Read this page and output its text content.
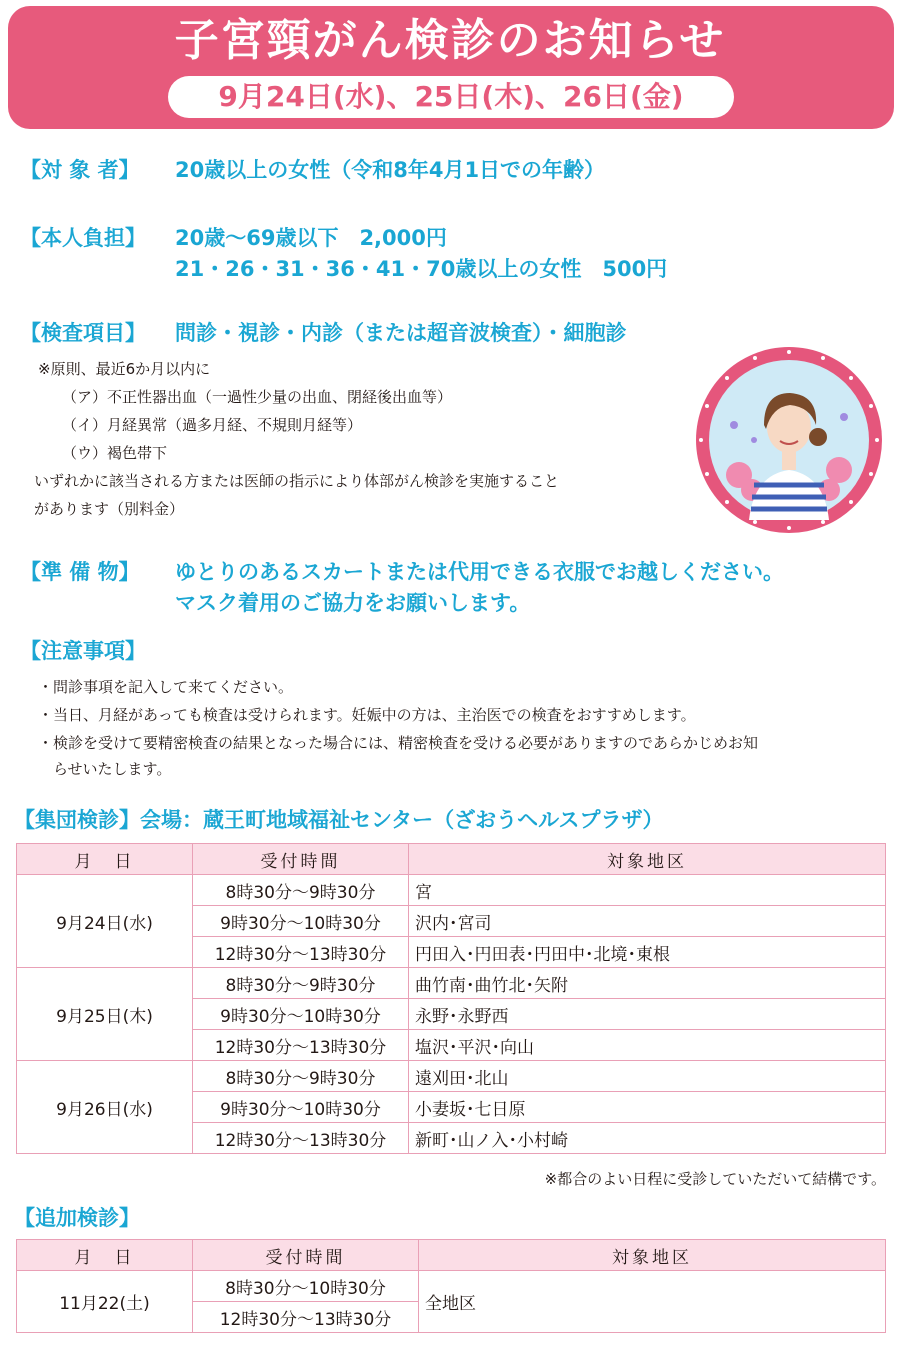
子宮頸がん検診のお知らせ
9月24日(水)、25日(木)、26日(金)
【対 象 者】 20歳以上の女性（令和8年4月1日での年齢）
【本人負担】 20歳～69歳以下　2,000円
21・26・31・36・41・70歳以上の女性　500円
【検査項目】 問診・視診・内診（または超音波検査）・細胞診
※原則、最近6か月以内に
（ア）不正性器出血（一過性少量の出血、閉経後出血等）
（イ）月経異常（過多月経、不規則月経等）
（ウ）褐色帯下
いずれかに該当される方または医師の指示により体部がん検診を実施すること
があります（別料金）
【準 備 物】 ゆとりのあるスカートまたは代用できる衣服でお越しください。
マスク着用のご協力をお願いします。
【注意事項】
・問診事項を記入して来てください。
・当日、月経があっても検査は受けられます。妊娠中の方は、主治医での検査をおすすめします。
・検診を受けて要精密検査の結果となった場合には、精密検査を受ける必要がありますのであらかじめお知
　らせいたします。
【集団検診】会場：蔵王町地域福祉センター（ざおうヘルスプラザ）
月　日	受付時間	対象地区
9月24日(水)	8時30分～9時30分	宮
	9時30分～10時30分	沢内･宮司
	12時30分～13時30分	円田入･円田表･円田中･北境･東根
9月25日(木)	8時30分～9時30分	曲竹南･曲竹北･矢附
	9時30分～10時30分	永野･永野西
	12時30分～13時30分	塩沢･平沢･向山
9月26日(水)	8時30分～9時30分	遠刈田･北山
	9時30分～10時30分	小妻坂･七日原
	12時30分～13時30分	新町･山ノ入･小村崎
※都合のよい日程に受診していただいて結構です。
【追加検診】
月　日	受付時間	対象地区
11月22(土)	8時30分～10時30分	全地区
	12時30分～13時30分	
